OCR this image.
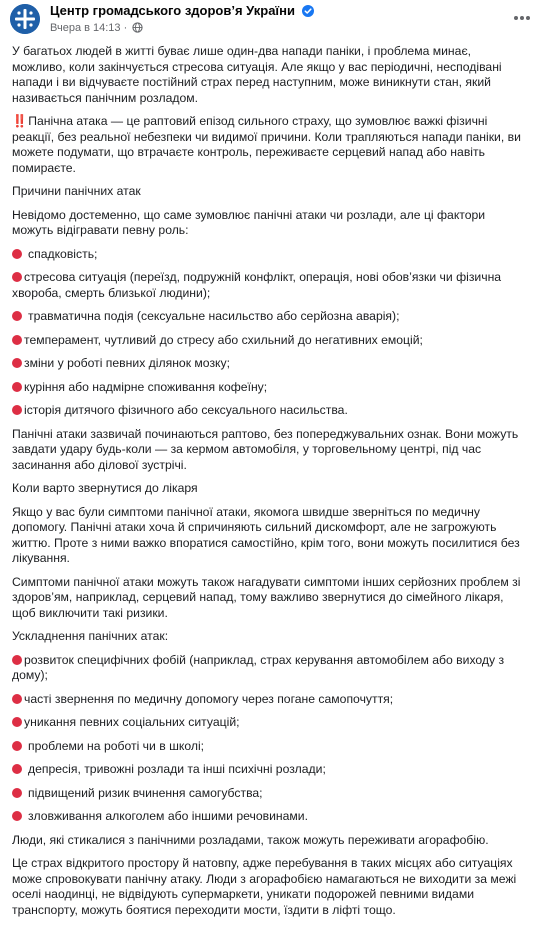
Центр громадського здоров’я України
Вчера в 14:13 ·

У багатьох людей в житті буває лише один-два напади паніки, і проблема минає, можливо, коли закінчується стресова ситуація. Але якщо у вас періодичні, несподівані напади і ви відчуваєте постійний страх перед наступним, може виникнути стан, який називається панічним розладом.

‼️ Панічна атака — це раптовий епізод сильного страху, що зумовлює важкі фізичні реакції, без реальної небезпеки чи видимої причини. Коли трапляються напади паніки, ви можете подумати, що втрачаєте контроль, переживаєте серцевий напад або навіть помираєте.

Причини панічних атак

Невідомо достеменно, що саме зумовлює панічні атаки чи розлади, але ці фактори можуть відігравати певну роль:

спадковість;
стресова ситуація (переїзд, подружній конфлікт, операція, нові обов’язки чи фізична хвороба, смерть близької людини);
травматична подія (сексуальне насильство або серйозна аварія);
темперамент, чутливий до стресу або схильний до негативних емоцій;
зміни у роботі певних ділянок мозку;
куріння або надмірне споживання кофеїну;
історія дитячого фізичного або сексуального насильства.

Панічні атаки зазвичай починаються раптово, без попереджувальних ознак. Вони можуть завдати удару будь-коли — за кермом автомобіля, у торговельному центрі, під час засинання або ділової зустрічі.

Коли варто звернутися до лікаря

Якщо у вас були симптоми панічної атаки, якомога швидше зверніться по медичну допомогу. Панічні атаки хоча й спричиняють сильний дискомфорт, але не загрожують життю. Проте з ними важко впоратися самостійно, крім того, вони можуть посилитися без лікування.

Симптоми панічної атаки можуть також нагадувати симптоми інших серйозних проблем зі здоров’ям, наприклад, серцевий напад, тому важливо звернутися до сімейного лікаря, щоб виключити такі ризики.

Ускладнення панічних атак:

розвиток специфічних фобій (наприклад, страх керування автомобілем або виходу з дому);
часті звернення по медичну допомогу через погане самопочуття;
уникання певних соціальних ситуацій;
проблеми на роботі чи в школі;
депресія, тривожні розлади та інші психічні розлади;
підвищений ризик вчинення самогубства;
зловживання алкоголем або іншими речовинами.

Люди, які стикалися з панічними розладами, також можуть переживати агорафобію.

Це страх відкритого простору й натовпу, адже перебування в таких місцях або ситуаціях може спровокувати панічну атаку. Люди з агорафобією намагаються не виходити за межі оселі наодинці, не відвідують супермаркети, уникати подорожей певними видами транспорту, можуть боятися переходити мости, їздити в ліфті тощо.
